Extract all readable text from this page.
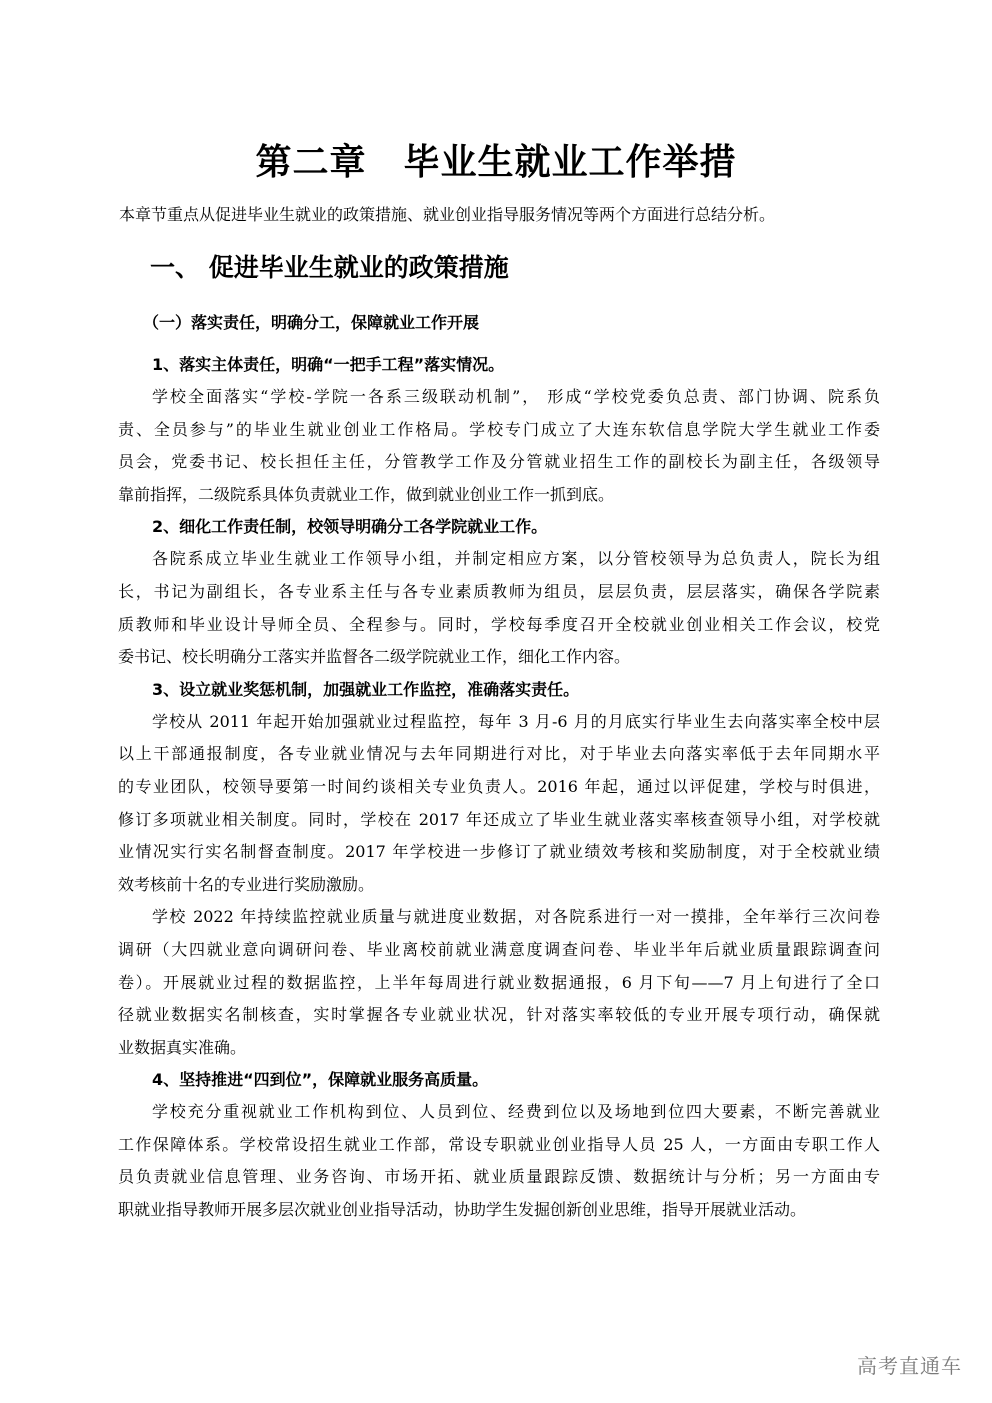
第二章　毕业生就业工作举措

本章节重点从促进毕业生就业的政策措施、就业创业指导服务情况等两个方面进行总结分析。

一、 促进毕业生就业的政策措施
（一）落实责任，明确分工，保障就业工作开展
1、落实主体责任，明确“一把手工程”落实情况。

学校全面落实“学校-学院一各系三级联动机制”， 形成“学校党委负总责、部门协调、院系负
责、全员参与”的毕业生就业创业工作格局。学校专门成立了大连东软信息学院大学生就业工作委
员会，党委书记、校长担任主任，分管教学工作及分管就业招生工作的副校长为副主任，各级领导
靠前指挥，二级院系具体负责就业工作，做到就业创业工作一抓到底。

2、细化工作责任制，校领导明确分工各学院就业工作。

各院系成立毕业生就业工作领导小组，并制定相应方案，以分管校领导为总负责人，院长为组
长，书记为副组长，各专业系主任与各专业素质教师为组员，层层负责，层层落实，确保各学院素
质教师和毕业设计导师全员、全程参与。同时，学校每季度召开全校就业创业相关工作会议，校党
委书记、校长明确分工落实并监督各二级学院就业工作，细化工作内容。

3、设立就业奖惩机制，加强就业工作监控，准确落实责任。

学校从 2011 年起开始加强就业过程监控，每年 3 月-6 月的月底实行毕业生去向落实率全校中层
以上干部通报制度，各专业就业情况与去年同期进行对比，对于毕业去向落实率低于去年同期水平
的专业团队，校领导要第一时间约谈相关专业负责人。2016 年起，通过以评促建，学校与时俱进，
修订多项就业相关制度。同时，学校在 2017 年还成立了毕业生就业落实率核查领导小组，对学校就
业情况实行实名制督查制度。2017 年学校进一步修订了就业绩效考核和奖励制度，对于全校就业绩
效考核前十名的专业进行奖励激励。

学校 2022 年持续监控就业质量与就进度业数据，对各院系进行一对一摸排，全年举行三次问卷
调研（大四就业意向调研问卷、毕业离校前就业满意度调查问卷、毕业半年后就业质量跟踪调查问
卷）。开展就业过程的数据监控，上半年每周进行就业数据通报，6 月下旬——7 月上旬进行了全口
径就业数据实名制核查，实时掌握各专业就业状况，针对落实率较低的专业开展专项行动，确保就
业数据真实准确。

4、坚持推进“四到位”，保障就业服务高质量。

学校充分重视就业工作机构到位、人员到位、经费到位以及场地到位四大要素，不断完善就业
工作保障体系。学校常设招生就业工作部，常设专职就业创业指导人员 25 人，一方面由专职工作人
员负责就业信息管理、业务咨询、市场开拓、就业质量跟踪反馈、数据统计与分析；另一方面由专
职就业指导教师开展多层次就业创业指导活动，协助学生发掘创新创业思维，指导开展就业活动。

高考直通车
